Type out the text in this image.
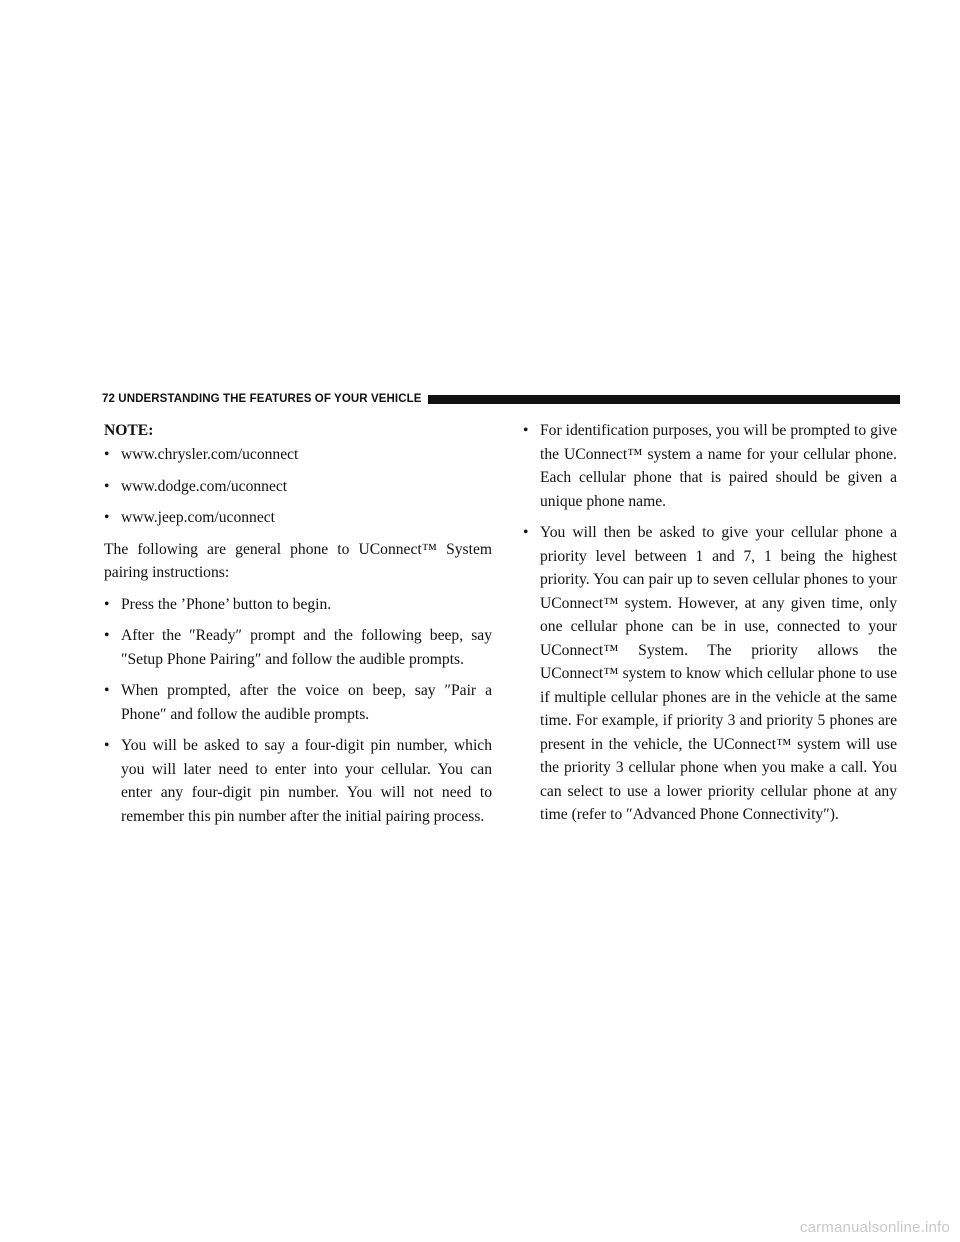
72 UNDERSTANDING THE FEATURES OF YOUR VEHICLE

NOTE:

• www.chrysler.com/uconnect
• www.dodge.com/uconnect
• www.jeep.com/uconnect

The following are general phone to UConnect™ System pairing instructions:

• Press the ’Phone’ button to begin.
• After the ″Ready″ prompt and the following beep, say ″Setup Phone Pairing″ and follow the audible prompts.
• When prompted, after the voice on beep, say ″Pair a Phone″ and follow the audible prompts.
• You will be asked to say a four-digit pin number, which you will later need to enter into your cellular. You can enter any four-digit pin number. You will not need to remember this pin number after the initial pairing process.
• For identification purposes, you will be prompted to give the UConnect™ system a name for your cellular phone. Each cellular phone that is paired should be given a unique phone name.
• You will then be asked to give your cellular phone a priority level between 1 and 7, 1 being the highest priority. You can pair up to seven cellular phones to your UConnect™ system. However, at any given time, only one cellular phone can be in use, connected to your UConnect™ System. The priority allows the UConnect™ system to know which cellular phone to use if multiple cellular phones are in the vehicle at the same time. For example, if priority 3 and priority 5 phones are present in the vehicle, the UConnect™ system will use the priority 3 cellular phone when you make a call. You can select to use a lower priority cellular phone at any time (refer to ″Advanced Phone Connectivity″).
carmanualsonline.info
